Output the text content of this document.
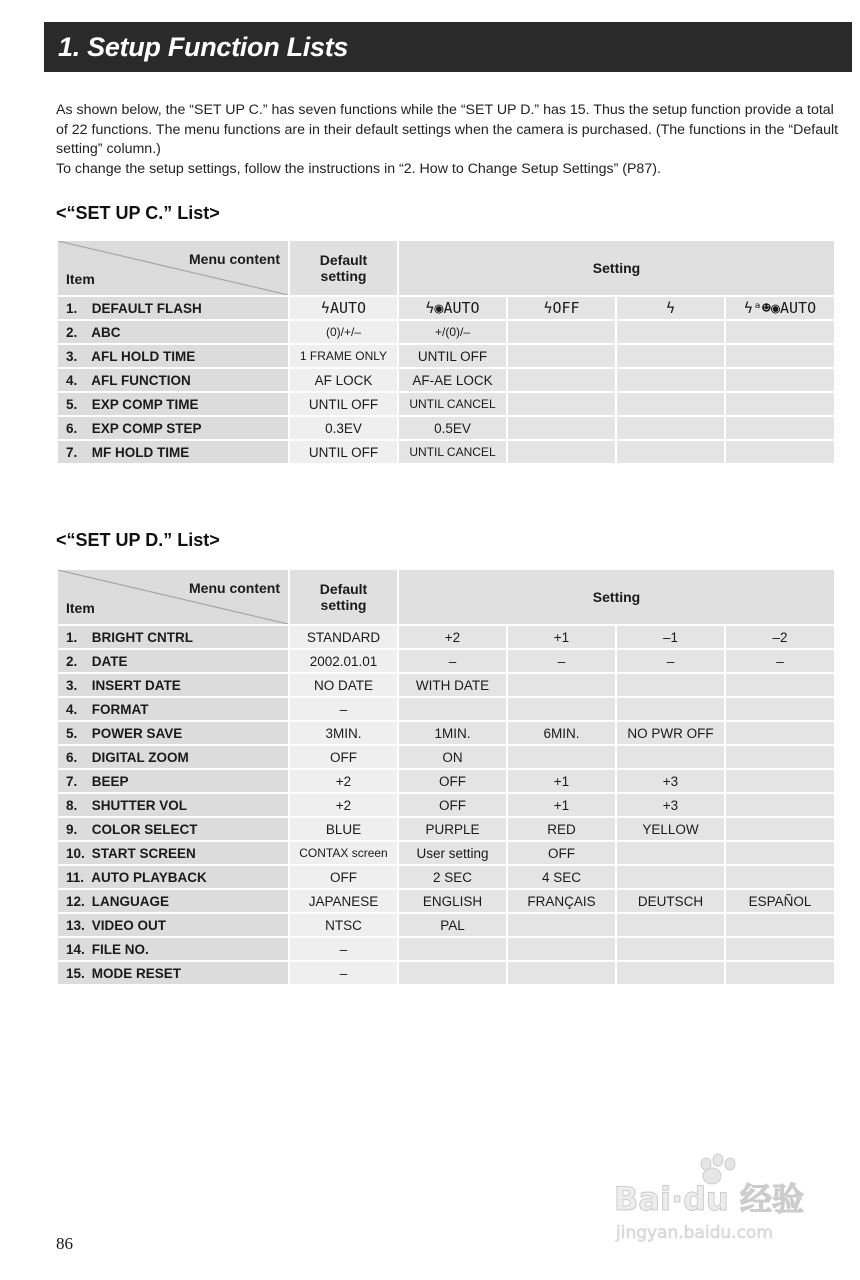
1. Setup Function Lists

As shown below, the “SET UP C.” has seven functions while the “SET UP D.” has 15. Thus the setup function provide a total of 22 functions. The menu functions are in their default settings when the camera is purchased. (The functions in the “Default setting” column.)

To change the setup settings, follow the instructions in “2. How to Change Setup Settings” (P87).

<“SET UP C.” List>
Menu content
Item	Default
setting	Setting			
1. DEFAULT FLASH	ϟAUTO	ϟ◉AUTO	ϟOFF	ϟ	ϟᵃ☻◉AUTO
2. ABC	(0)/+/–	+/(0)/–			
3. AFL HOLD TIME	1 FRAME ONLY	UNTIL OFF			
4. AFL FUNCTION	AF LOCK	AF-AE LOCK			
5. EXP COMP TIME	UNTIL OFF	UNTIL CANCEL			
6. EXP COMP STEP	0.3EV	0.5EV			
7. MF HOLD TIME	UNTIL OFF	UNTIL CANCEL			
<“SET UP D.” List>
Menu content
Item	Default
setting	Setting			
1. BRIGHT CNTRL	STANDARD	+2	+1	–1	–2
2. DATE	2002.01.01	–	–	–	–
3. INSERT DATE	NO DATE	WITH DATE			
4. FORMAT	–				
5. POWER SAVE	3MIN.	1MIN.	6MIN.	NO PWR OFF	
6. DIGITAL ZOOM	OFF	ON			
7. BEEP	+2	OFF	+1	+3	
8. SHUTTER VOL	+2	OFF	+1	+3	
9. COLOR SELECT	BLUE	PURPLE	RED	YELLOW	
10. START SCREEN	CONTAX screen	User setting	OFF		
11. AUTO PLAYBACK	OFF	2 SEC	4 SEC		
12. LANGUAGE	JAPANESE	ENGLISH	FRANÇAIS	DEUTSCH	ESPAÑOL
13. VIDEO OUT	NTSC	PAL			
14. FILE NO.	–				
15. MODE RESET	–				
86
Bai·du 经验
jingyan.baidu.com
